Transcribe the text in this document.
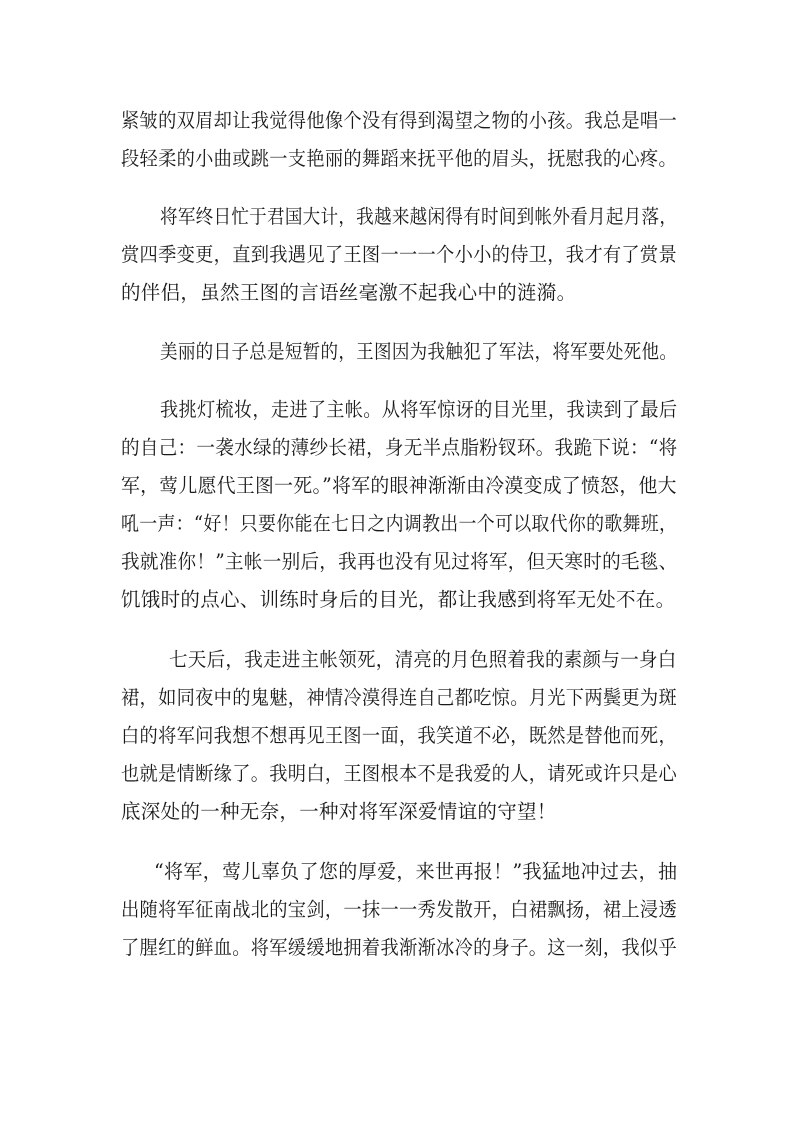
紧皱的双眉却让我觉得他像个没有得到渴望之物的小孩。我总是唱一
段轻柔的小曲或跳一支艳丽的舞蹈来抚平他的眉头，抚慰我的心疼。
将军终日忙于君国大计，我越来越闲得有时间到帐外看月起月落，
赏四季变更，直到我遇见了王图一一一个小小的侍卫，我才有了赏景
的伴侣，虽然王图的言语丝毫激不起我心中的涟漪。
美丽的日子总是短暂的，王图因为我触犯了军法，将军要处死他。
我挑灯梳妆，走进了主帐。从将军惊讶的目光里，我读到了最后
的自己：一袭水绿的薄纱长裙，身无半点脂粉钗环。我跪下说：“将
军，莺儿愿代王图一死。”将军的眼神渐渐由冷漠变成了愤怒，他大
吼一声：“好！只要你能在七日之内调教出一个可以取代你的歌舞班，
我就准你！”主帐一别后，我再也没有见过将军，但天寒时的毛毯、
饥饿时的点心、训练时身后的目光，都让我感到将军无处不在。
七天后，我走进主帐领死，清亮的月色照着我的素颜与一身白
裙，如同夜中的鬼魅，神情冷漠得连自己都吃惊。月光下两鬓更为斑
白的将军问我想不想再见王图一面，我笑道不必，既然是替他而死，
也就是情断缘了。我明白，王图根本不是我爱的人，请死或许只是心
底深处的一种无奈，一种对将军深爱情谊的守望！
“将军，莺儿辜负了您的厚爱，来世再报！”我猛地冲过去，抽
出随将军征南战北的宝剑，一抹一一秀发散开，白裙飘扬，裙上浸透
了腥红的鲜血。将军缓缓地拥着我渐渐冰冷的身子。这一刻，我似乎
